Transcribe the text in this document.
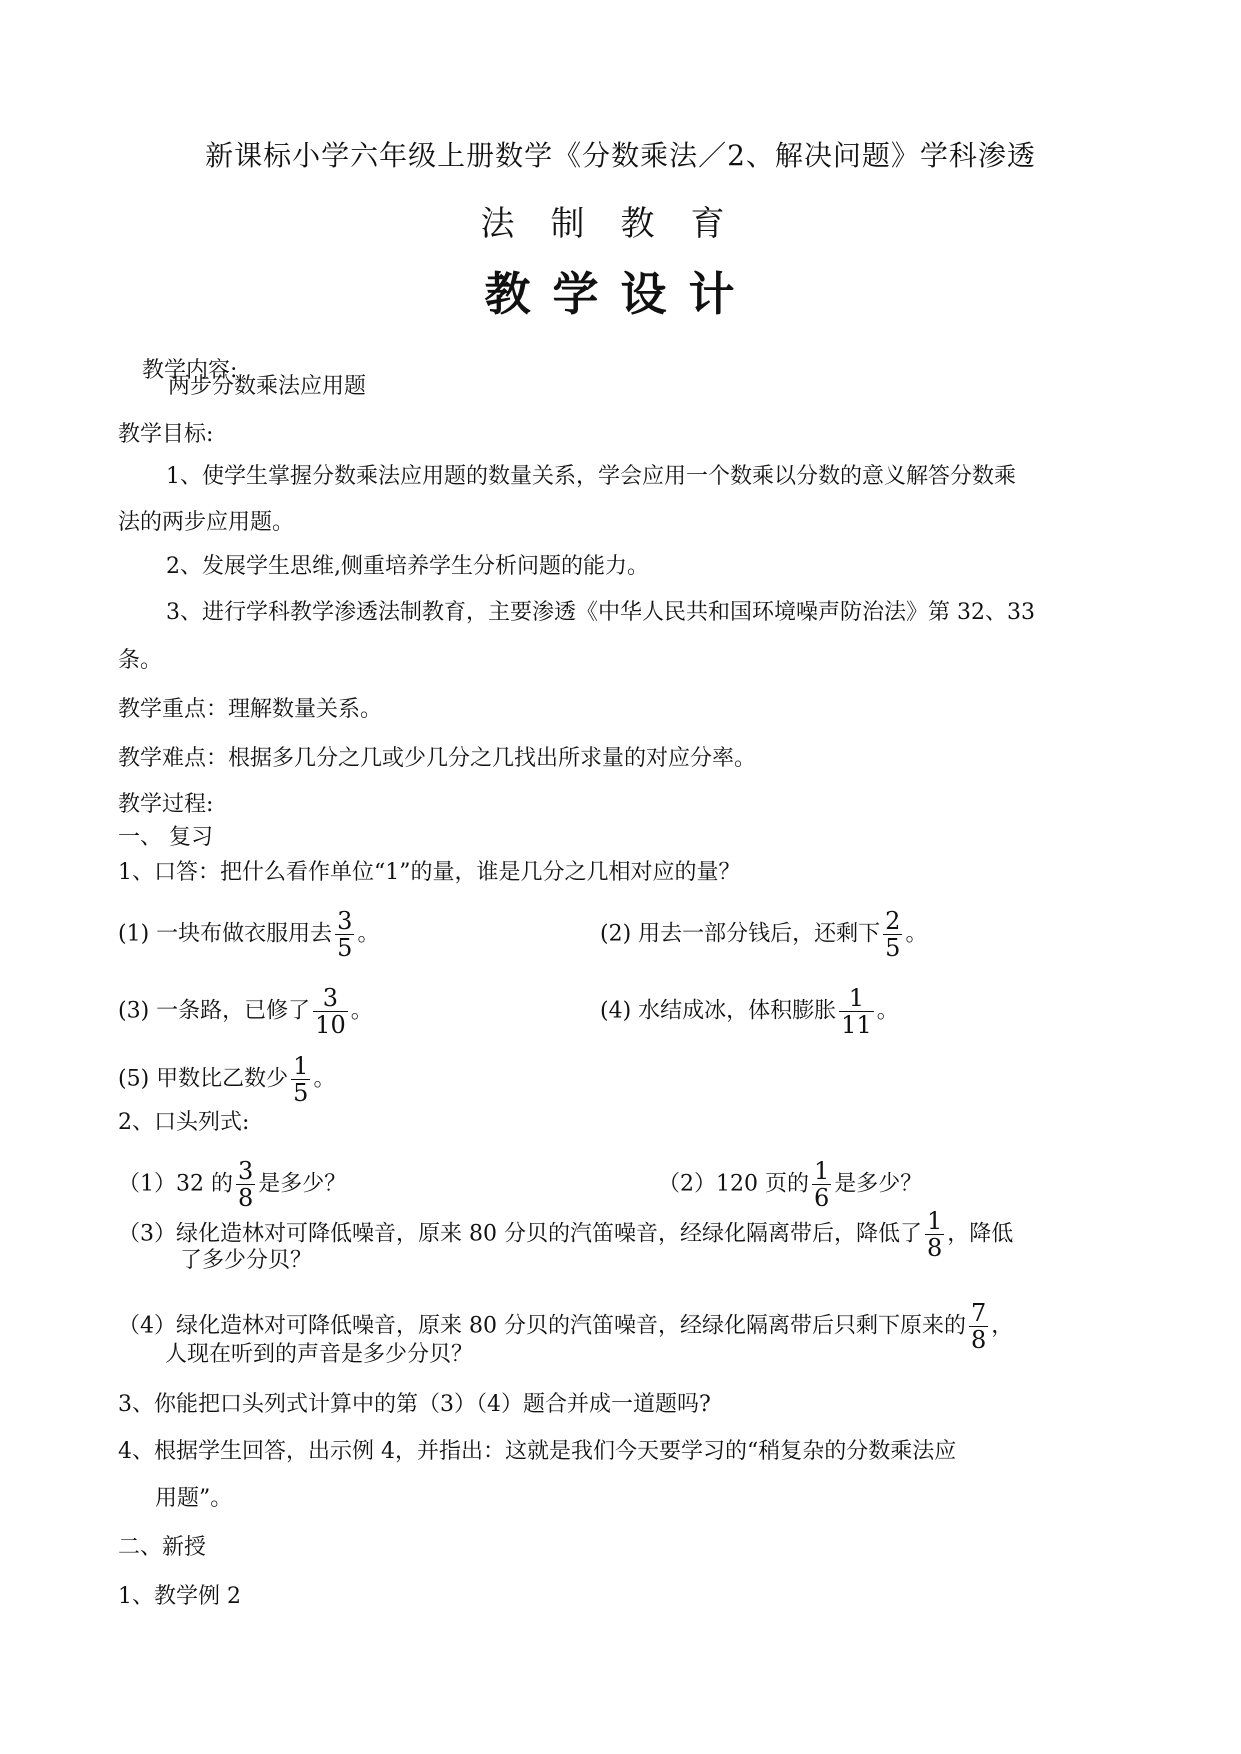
新课标小学六年级上册数学《分数乘法／2、解决问题》学科渗透
法制教育
教学设计
教学内容:
两步分数乘法应用题
教学目标:
1、使学生掌握分数乘法应用题的数量关系，学会应用一个数乘以分数的意义解答分数乘
法的两步应用题。
2、发展学生思维,侧重培养学生分析问题的能力。
3、进行学科教学渗透法制教育，主要渗透《中华人民共和国环境噪声防治法》第 32、33
条。
教学重点：理解数量关系。
教学难点：根据多几分之几或少几分之几找出所求量的对应分率。
教学过程:
一、 复习
1、口答：把什么看作单位“1”的量，谁是几分之几相对应的量？
(1) 一块布做衣服用去 $\frac{3}{5}$ 。	(2) 用去一部分钱后，还剩下 $\frac{2}{5}$ 。
(3) 一条路，已修了 $\frac{3}{10}$ 。	(4) 水结成冰，体积膨胀 $\frac{1}{11}$ 。
(5) 甲数比乙数少 $\frac{1}{5}$ 。
2、口头列式:
（1）32 的 $\frac{3}{8}$ 是多少？	（2）120 页的 $\frac{1}{6}$ 是多少？
（3）绿化造林对可降低噪音，原来 80 分贝的汽笛噪音，经绿化隔离带后，降低了 $\frac{1}{8}$ ，降低
了多少分贝？
（4）绿化造林对可降低噪音，原来 80 分贝的汽笛噪音，经绿化隔离带后只剩下原来的 $\frac{7}{8}$ ，
人现在听到的声音是多少分贝？
3、你能把口头列式计算中的第（3）（4）题合并成一道题吗?
4、根据学生回答，出示例 4，并指出：这就是我们今天要学习的“稍复杂的分数乘法应
用题”。
二、新授
1、教学例 2
